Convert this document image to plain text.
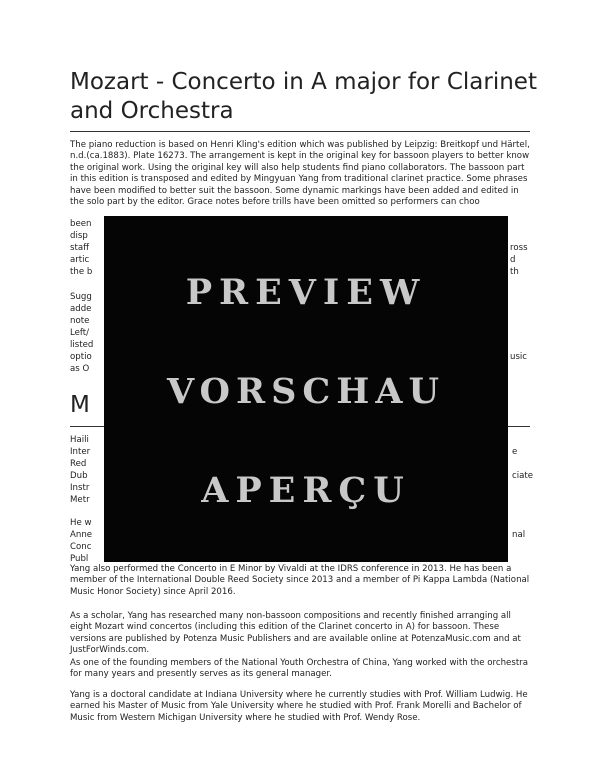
Mozart - Concerto in A major for Clarinet and Orchestra

The piano reduction is based on Henri Kling's edition which was published by Leipzig: Breitkopf und Härtel, n.d.(ca.1883). Plate 16273. The arrangement is kept in the original key for bassoon players to better know the original work. Using the original key will also help students find piano collaborators. The bassoon part in this edition is transposed and edited by Mingyuan Yang from traditional clarinet practice. Some phrases have been modified to better suit the bassoon. Some dynamic markings have been added and edited in the solo part by the editor. Grace notes before trills have been omitted so performers can choo

been

disp

staff

artic

the b

Sugg

adde

note

Left/

listed

optio

as O

ross

d

th

usic

M

Haili

Inter

Red

Dub

Instr

Metr

He w

Anne

Conc

Publ

e

ciate

nal

Yang also performed the Concerto in E Minor by Vivaldi at the IDRS conference in 2013. He has been a member of the International Double Reed Society since 2013 and a member of Pi Kappa Lambda (National Music Honor Society) since April 2016.

As a scholar, Yang has researched many non-bassoon compositions and recently finished arranging all eight Mozart wind concertos (including this edition of the Clarinet concerto in A) for bassoon. These versions are published by Potenza Music Publishers and are available online at PotenzaMusic.com and at JustForWinds.com.

As one of the founding members of the National Youth Orchestra of China, Yang worked with the orchestra for many years and presently serves as its general manager.

Yang is a doctoral candidate at Indiana University where he currently studies with Prof. William Ludwig. He earned his Master of Music from Yale University where he studied with Prof. Frank Morelli and Bachelor of Music from Western Michigan University where he studied with Prof. Wendy Rose.

PREVIEW
VORSCHAU
APERÇU
